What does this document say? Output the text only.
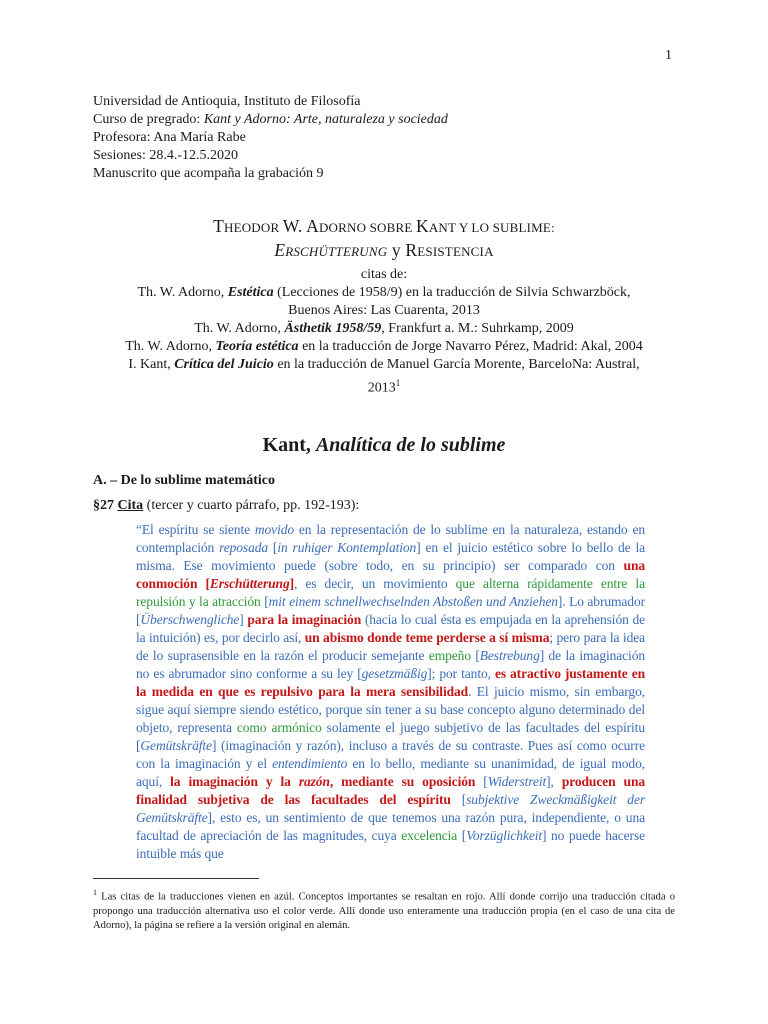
1
Universidad de Antioquia, Instituto de Filosofía
Curso de pregrado: Kant y Adorno: Arte, naturaleza y sociedad
Profesora: Ana María Rabe
Sesiones: 28.4.-12.5.2020
Manuscrito que acompaña la grabación 9
THEODOR W. ADORNO SOBRE KANT Y LO SUBLIME:
ERSCHÜTTERUNG y RESISTENCIA
citas de:
Th. W. Adorno, Estética (Lecciones de 1958/9) en la traducción de Silvia Schwarzböck,
Buenos Aires: Las Cuarenta, 2013
Th. W. Adorno, Ästhetik 1958/59, Frankfurt a. M.: Suhrkamp, 2009
Th. W. Adorno, Teoría estética en la traducción de Jorge Navarro Pérez, Madrid: Akal, 2004
I. Kant, Crítica del Juicio en la traducción de Manuel García Morente, BarceloNa: Austral,
2013$^1$
Kant, Analítica de lo sublime
A. – De lo sublime matemático
§27 Cita (tercer y cuarto párrafo, pp. 192-193):
“El espíritu se siente movido en la representación de lo sublime en la naturaleza, estando en contemplación reposada [in ruhiger Kontemplation] en el juicio estético sobre lo bello de la misma. Ese movimiento puede (sobre todo, en su principio) ser comparado con una conmoción [Erschütterung], es decir, un movimiento que alterna rápidamente entre la repulsión y la atracción [mit einem schnellwechselnden Abstoßen und Anziehen]. Lo abrumador [Überschwengliche] para la imaginación (hacia lo cual ésta es empujada en la aprehensión de la intuición) es, por decirlo así, un abismo donde teme perderse a sí misma; pero para la idea de lo suprasensible en la razón el producir semejante empeño [Bestrebung] de la imaginación no es abrumador sino conforme a su ley [gesetzmäßig]; por tanto, es atractivo justamente en la medida en que es repulsivo para la mera sensibilidad. El juicio mismo, sin embargo, sigue aquí siempre siendo estético, porque sin tener a su base concepto alguno determinado del objeto, representa como armónico solamente el juego subjetivo de las facultades del espíritu [Gemütskräfte] (imaginación y razón), incluso a través de su contraste. Pues así como ocurre con la imaginación y el entendimiento en lo bello, mediante su unanimidad, de igual modo, aquí, la imaginación y la razón, mediante su oposición [Widerstreit], producen una finalidad subjetiva de las facultades del espíritu [subjektive Zweckmäßigkeit der Gemütskräfte], esto es, un sentimiento de que tenemos una razón pura, independiente, o una facultad de apreciación de las magnitudes, cuya excelencia [Vorzüglichkeit] no puede hacerse intuible más que
$^1$ Las citas de la traducciones vienen en azúl. Conceptos importantes se resaltan en rojo. Allí donde corrijo una traducción citada o propongo una traducción alternativa uso el color verde. Allí donde uso enteramente una traducción propia (en el caso de una cita de Adorno), la página se refiere a la versión original en alemán.
